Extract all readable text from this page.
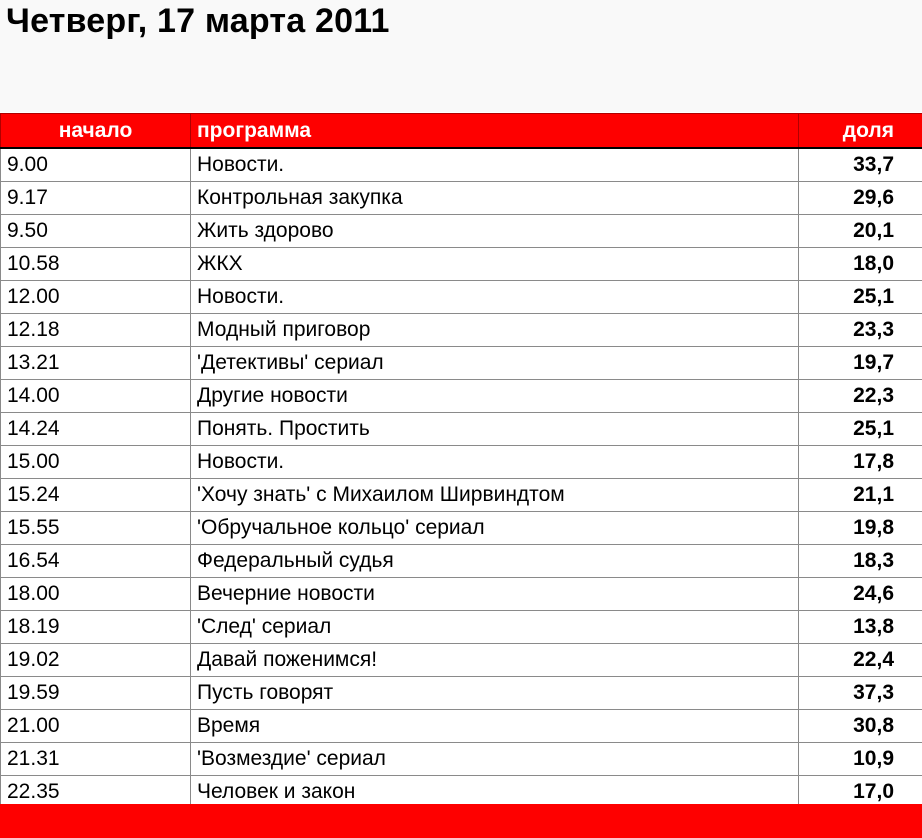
Четверг, 17 марта 2011
начало	программа	доля
9.00	Новости.	33,7
9.17	Контрольная закупка	29,6
9.50	Жить здорово	20,1
10.58	ЖКХ	18,0
12.00	Новости.	25,1
12.18	Модный приговор	23,3
13.21	'Детективы' сериал	19,7
14.00	Другие новости	22,3
14.24	Понять. Простить	25,1
15.00	Новости.	17,8
15.24	'Хочу знать' с Михаилом Ширвиндтом	21,1
15.55	'Обручальное кольцо' сериал	19,8
16.54	Федеральный судья	18,3
18.00	Вечерние новости	24,6
18.19	'След' сериал	13,8
19.02	Давай поженимся!	22,4
19.59	Пусть говорят	37,3
21.00	Время	30,8
21.31	'Возмездие' сериал	10,9
22.35	Человек и закон	17,0
